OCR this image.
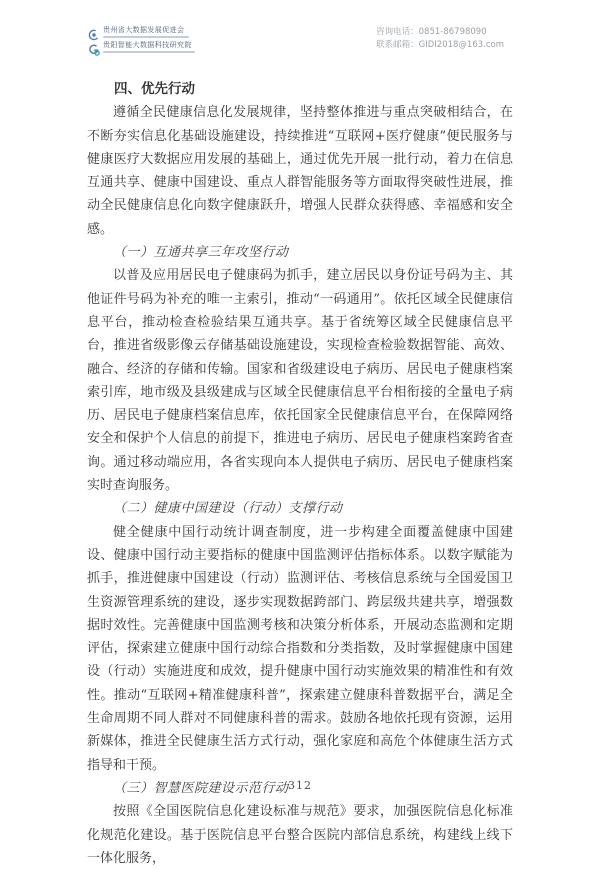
贵州省大数据发展促进会
贵阳智能大数据科技研究院
咨询电话：0851-86798090
联系邮箱：GIDI2018@163.com
四、优先行动

遵循全民健康信息化发展规律，坚持整体推进与重点突破相结合，在不断夯实信息化基础设施建设，持续推进“互联网+医疗健康”便民服务与健康医疗大数据应用发展的基础上，通过优先开展一批行动，着力在信息互通共享、健康中国建设、重点人群智能服务等方面取得突破性进展，推动全民健康信息化向数字健康跃升，增强人民群众获得感、幸福感和安全感。

（一）互通共享三年攻坚行动

以普及应用居民电子健康码为抓手，建立居民以身份证号码为主、其他证件号码为补充的唯一主索引，推动“一码通用”。依托区域全民健康信息平台，推动检查检验结果互通共享。基于省统筹区域全民健康信息平台，推进省级影像云存储基础设施建设，实现检查检验数据智能、高效、融合、经济的存储和传输。国家和省级建设电子病历、居民电子健康档案索引库，地市级及县级建成与区域全民健康信息平台相衔接的全量电子病历、居民电子健康档案信息库，依托国家全民健康信息平台，在保障网络安全和保护个人信息的前提下，推进电子病历、居民电子健康档案跨省查询。通过移动端应用，各省实现向本人提供电子病历、居民电子健康档案实时查询服务。

（二）健康中国建设（行动）支撑行动

健全健康中国行动统计调查制度，进一步构建全面覆盖健康中国建设、健康中国行动主要指标的健康中国监测评估指标体系。以数字赋能为抓手，推进健康中国建设（行动）监测评估、考核信息系统与全国爱国卫生资源管理系统的建设，逐步实现数据跨部门、跨层级共建共享，增强数据时效性。完善健康中国监测考核和决策分析体系，开展动态监测和定期评估，探索建立健康中国行动综合指数和分类指数，及时掌握健康中国建设（行动）实施进度和成效，提升健康中国行动实施效果的精准性和有效性。推动“互联网+精准健康科普”，探索建立健康科普数据平台，满足全生命周期不同人群对不同健康科普的需求。鼓励各地依托现有资源，运用新媒体，推进全民健康生活方式行动，强化家庭和高危个体健康生活方式指导和干预。

（三）智慧医院建设示范行动

按照《全国医院信息化建设标准与规范》要求，加强医院信息化标准化规范化建设。基于医院信息平台整合医院内部信息系统，构建线上线下一体化服务，

312
